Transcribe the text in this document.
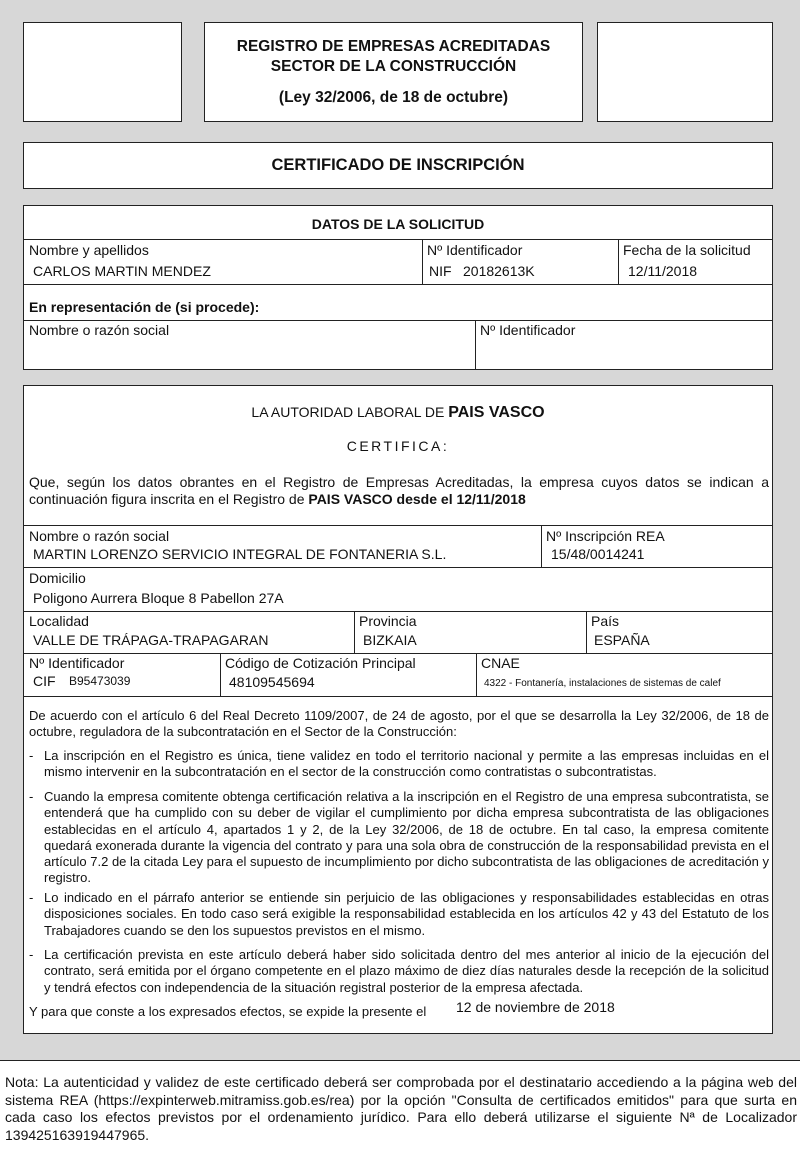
REGISTRO DE EMPRESAS ACREDITADAS
SECTOR DE LA CONSTRUCCIÓN
(Ley 32/2006, de 18 de octubre)
CERTIFICADO DE INSCRIPCIÓN
DATOS DE LA SOLICITUD
Nombre y apellidos
CARLOS MARTIN MENDEZ
Nº Identificador
NIF 20182613K
Fecha de la solicitud
12/11/2018
En representación de (si procede):
Nombre o razón social	Nº Identificador
LA AUTORIDAD LABORAL DE PAIS VASCO
CERTIFICA:
Que, según los datos obrantes en el Registro de Empresas Acreditadas, la empresa cuyos datos se indican a continuación figura inscrita en el Registro de PAIS VASCO desde el 12/11/2018
Nombre o razón social
MARTIN LORENZO SERVICIO INTEGRAL DE FONTANERIA S.L.
Nº Inscripción REA
15/48/0014241
Domicilio
Poligono Aurrera Bloque 8 Pabellon 27A
Localidad
VALLE DE TRÁPAGA-TRAPAGARAN
Provincia
BIZKAIA
País
ESPAÑA
Nº Identificador
CIF B95473039
Código de Cotización Principal
48109545694
CNAE
4322 - Fontanería, instalaciones de sistemas de calef
De acuerdo con el artículo 6 del Real Decreto 1109/2007, de 24 de agosto, por el que se desarrolla la Ley 32/2006, de 18 de octubre, reguladora de la subcontratación en el Sector de la Construcción:
- La inscripción en el Registro es única, tiene validez en todo el territorio nacional y permite a las empresas incluidas en el mismo intervenir en la subcontratación en el sector de la construcción como contratistas o subcontratistas.
- Cuando la empresa comitente obtenga certificación relativa a la inscripción en el Registro de una empresa subcontratista, se entenderá que ha cumplido con su deber de vigilar el cumplimiento por dicha empresa subcontratista de las obligaciones establecidas en el artículo 4, apartados 1 y 2, de la Ley 32/2006, de 18 de octubre. En tal caso, la empresa comitente quedará exonerada durante la vigencia del contrato y para una sola obra de construcción de la responsabilidad prevista en el artículo 7.2 de la citada Ley para el supuesto de incumplimiento por dicho subcontratista de las obligaciones de acreditación y registro.
- Lo indicado en el párrafo anterior se entiende sin perjuicio de las obligaciones y responsabilidades establecidas en otras disposiciones sociales. En todo caso será exigible la responsabilidad establecida en los artículos 42 y 43 del Estatuto de los Trabajadores cuando se den los supuestos previstos en el mismo.
- La certificación prevista en este artículo deberá haber sido solicitada dentro del mes anterior al inicio de la ejecución del contrato, será emitida por el órgano competente en el plazo máximo de diez días naturales desde la recepción de la solicitud y tendrá efectos con independencia de la situación registral posterior de la empresa afectada.
Y para que conste a los expresados efectos, se expide la presente el 12 de noviembre de 2018
Nota: La autenticidad y validez de este certificado deberá ser comprobada por el destinatario accediendo a la página web del sistema REA (https://expinterweb.mitramiss.gob.es/rea) por la opción "Consulta de certificados emitidos" para que surta en cada caso los efectos previstos por el ordenamiento jurídico. Para ello deberá utilizarse el siguiente Nª de Localizador 139425163919447965.
